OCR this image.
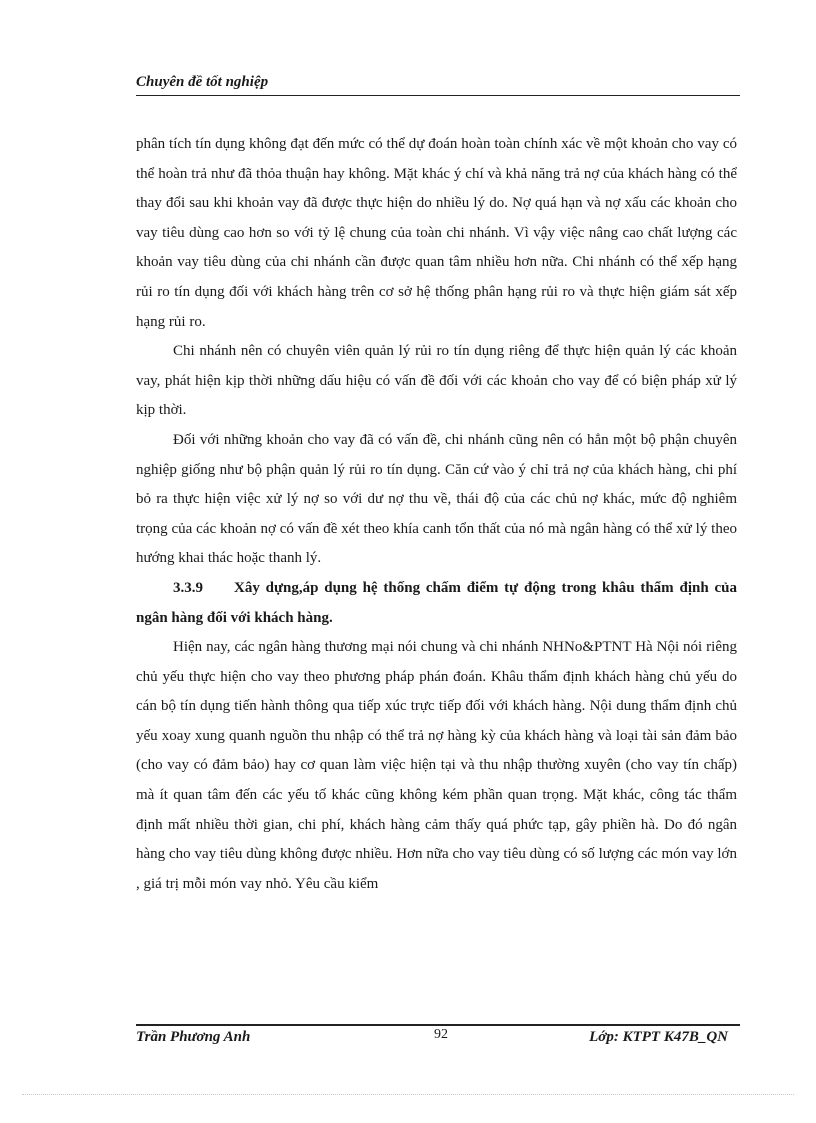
Chuyên đề tốt nghiệp

phân tích tín dụng không đạt đến mức có thể dự đoán hoàn toàn chính xác về một khoản cho vay có thể hoàn trả như đã thỏa thuận hay không. Mặt khác ý chí và khả năng trả nợ của khách hàng có thể thay đổi sau khi khoản vay đã được thực hiện do nhiều lý do. Nợ quá hạn và nợ xấu các khoản cho vay tiêu dùng cao hơn so với tỷ lệ chung của toàn chi nhánh. Vì vậy việc nâng cao chất lượng các khoản vay tiêu dùng của chi nhánh cần được quan tâm nhiều hơn nữa. Chi nhánh có thể xếp hạng rủi ro tín dụng đối với khách hàng trên cơ sở hệ thống phân hạng rủi ro và thực hiện giám sát xếp hạng rủi ro.

Chi nhánh nên có chuyên viên quản lý rủi ro tín dụng riêng để thực hiện quản lý các khoản vay, phát hiện kịp thời những dấu hiệu có vấn đề đối với các khoản cho vay để có biện pháp xử lý kịp thời.

Đối với những khoản cho vay đã có vấn đề, chi nhánh cũng nên có hẳn một bộ phận chuyên nghiệp giống như bộ phận quản lý rủi ro tín dụng. Căn cứ vào ý chỉ trả nợ của khách hàng, chi phí bỏ ra thực hiện việc xử lý nợ so với dư nợ thu về, thái độ của các chủ nợ khác, mức độ nghiêm trọng của các khoản nợ có vấn đề xét theo khía canh tổn thất của nó mà ngân hàng có thể xử lý theo hướng khai thác hoặc thanh lý.

3.3.9 Xây dựng,áp dụng hệ thống chấm điểm tự động trong khâu thẩm định của ngân hàng đối với khách hàng.

Hiện nay, các ngân hàng thương mại nói chung và chi nhánh NHNo&PTNT Hà Nội nói riêng chủ yếu thực hiện cho vay theo phương pháp phán đoán. Khâu thẩm định khách hàng chủ yếu do cán bộ tín dụng tiến hành thông qua tiếp xúc trực tiếp đối với khách hàng. Nội dung thẩm định chủ yếu xoay xung quanh nguồn thu nhập có thể trả nợ hàng kỳ của khách hàng và loại tài sản đảm bảo (cho vay có đảm bảo) hay cơ quan làm việc hiện tại và thu nhập thường xuyên (cho vay tín chấp) mà ít quan tâm đến các yếu tố khác cũng không kém phần quan trọng. Mặt khác, công tác thẩm định mất nhiều thời gian, chi phí, khách hàng cảm thấy quá phức tạp, gây phiền hà. Do đó ngân hàng cho vay tiêu dùng không được nhiều. Hơn nữa cho vay tiêu dùng có số lượng các món vay lớn , giá trị mỗi món vay nhỏ. Yêu cầu kiểm

Trần Phương Anh	92	Lớp: KTPT K47B_QN
